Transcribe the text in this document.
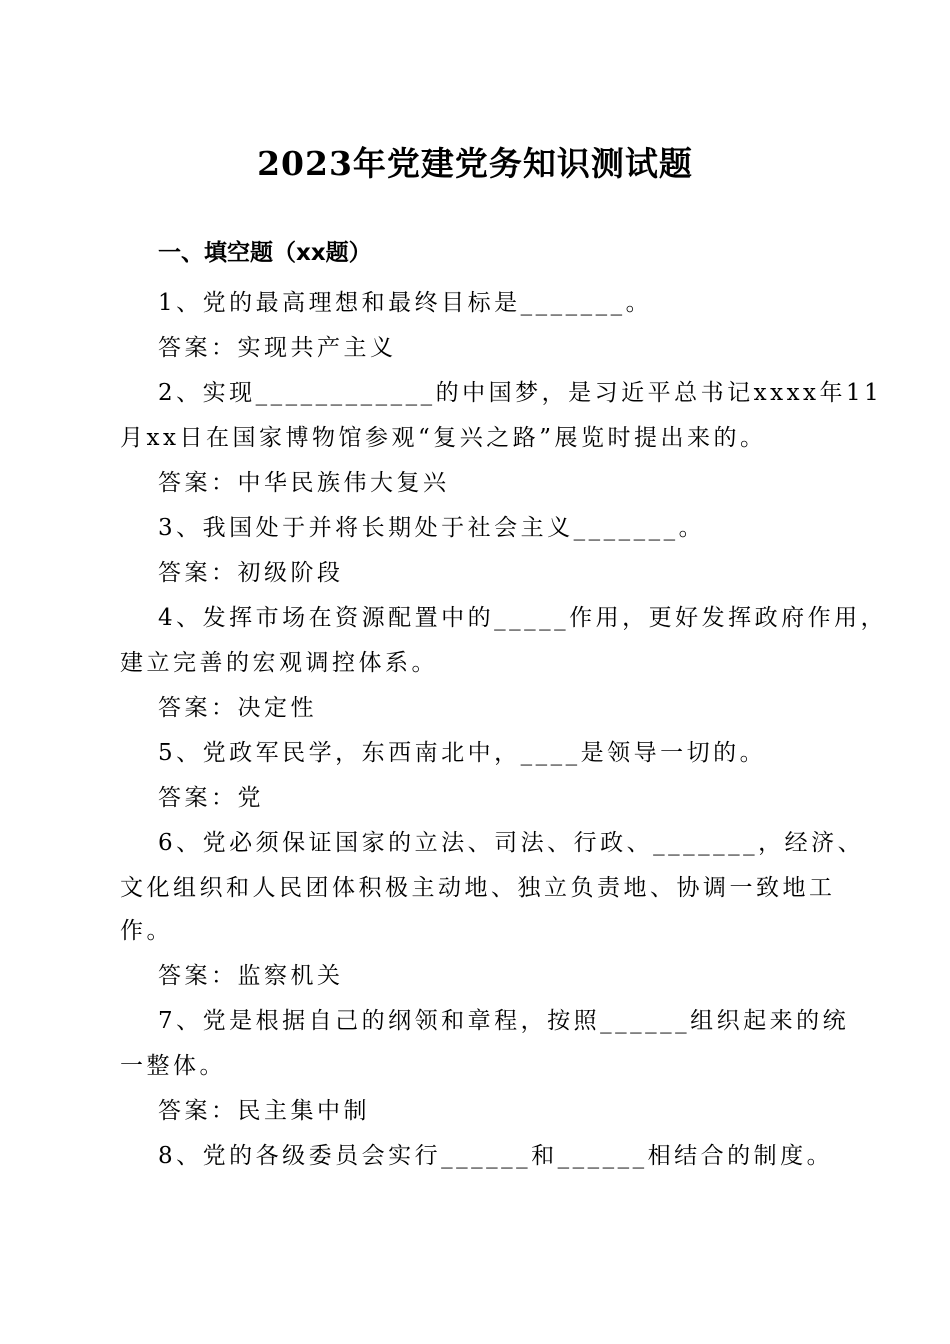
2023年党建党务知识测试题
一、填空题（xx题）
1、党的最高理想和最终目标是_______。
答案：实现共产主义
2、实现____________的中国梦，是习近平总书记xxxx年11
月xx日在国家博物馆参观“复兴之路”展览时提出来的。
答案：中华民族伟大复兴
3、我国处于并将长期处于社会主义_______。
答案：初级阶段
4、发挥市场在资源配置中的_____作用，更好发挥政府作用，
建立完善的宏观调控体系。
答案：决定性
5、党政军民学，东西南北中，____是领导一切的。
答案：党
6、党必须保证国家的立法、司法、行政、_______，经济、
文化组织和人民团体积极主动地、独立负责地、协调一致地工
作。
答案：监察机关
7、党是根据自己的纲领和章程，按照______组织起来的统
一整体。
答案：民主集中制
8、党的各级委员会实行______和______相结合的制度。
